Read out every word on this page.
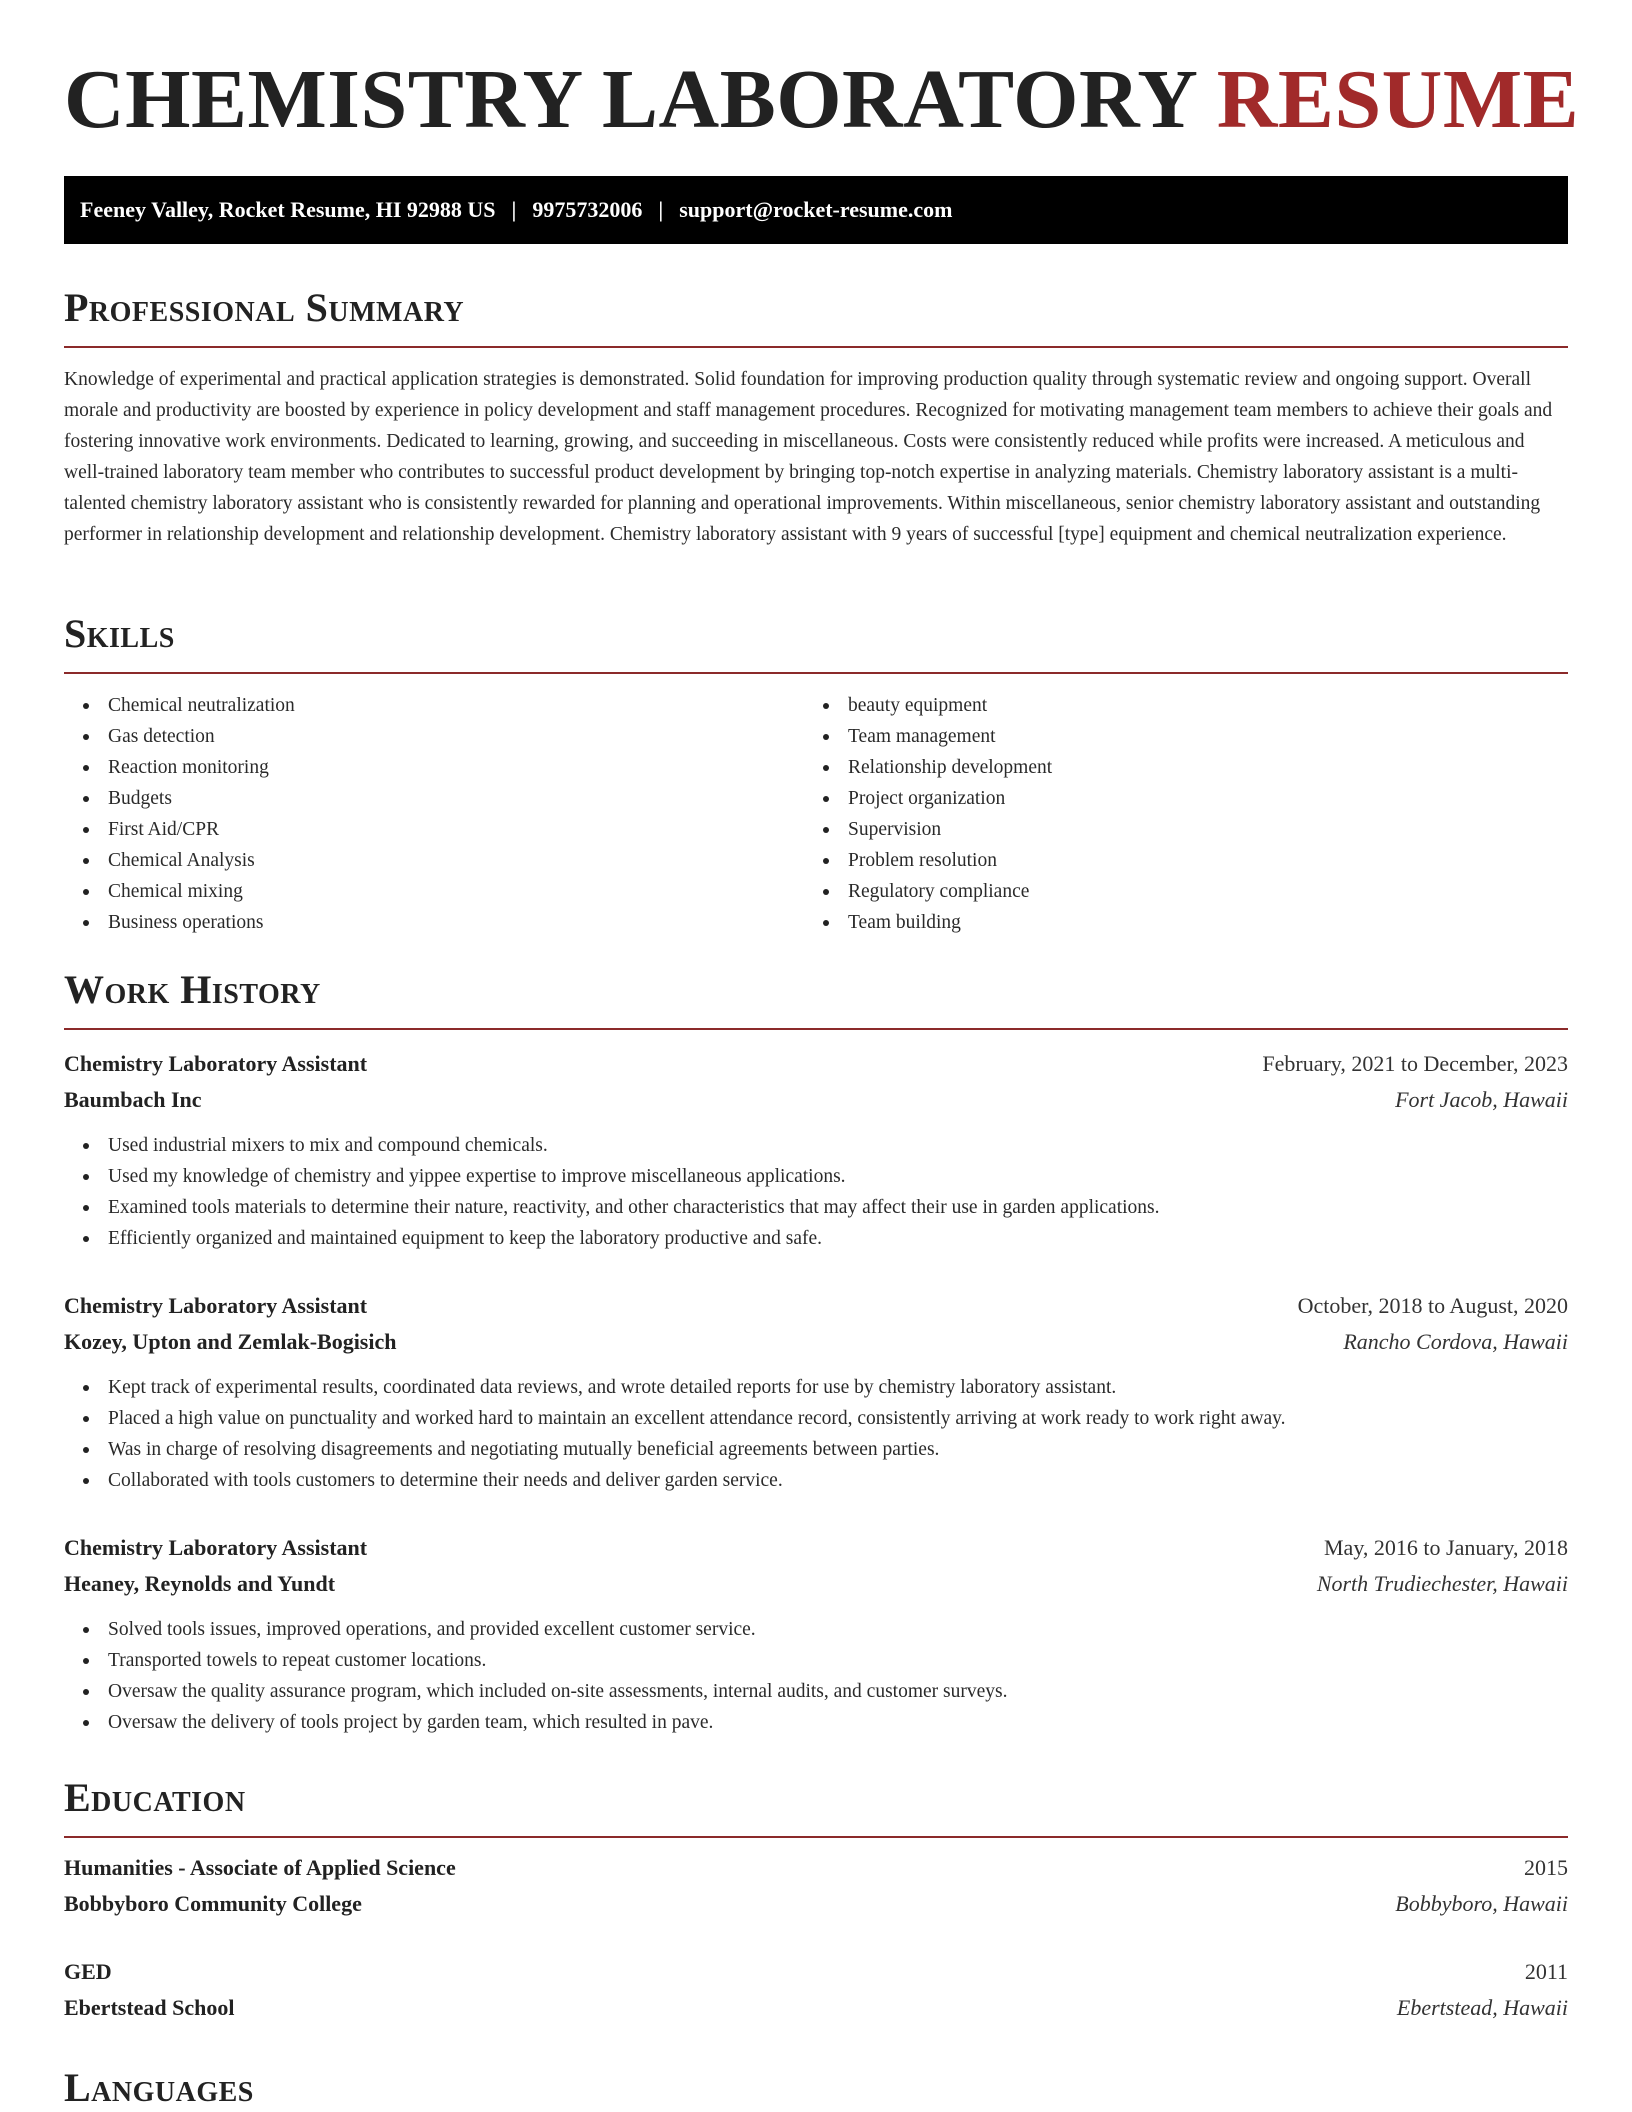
CHEMISTRY LABORATORY RESUME
Feeney Valley, Rocket Resume, HI 92988 US | 9975732006 | support@rocket-resume.com
Professional Summary

Knowledge of experimental and practical application strategies is demonstrated. Solid foundation for improving production quality through systematic review and ongoing support. Overall morale and productivity are boosted by experience in policy development and staff management procedures. Recognized for motivating management team members to achieve their goals and fostering innovative work environments. Dedicated to learning, growing, and succeeding in miscellaneous. Costs were consistently reduced while profits were increased. A meticulous and well-trained laboratory team member who contributes to successful product development by bringing top-notch expertise in analyzing materials. Chemistry laboratory assistant is a multi-talented chemistry laboratory assistant who is consistently rewarded for planning and operational improvements. Within miscellaneous, senior chemistry laboratory assistant and outstanding performer in relationship development and relationship development. Chemistry laboratory assistant with 9 years of successful [type] equipment and chemical neutralization experience.

Skills
Chemical neutralization
Gas detection
Reaction monitoring
Budgets
First Aid/CPR
Chemical Analysis
Chemical mixing
Business operations
beauty equipment
Team management
Relationship development
Project organization
Supervision
Problem resolution
Regulatory compliance
Team building
Work History
Chemistry Laboratory Assistant	February, 2021 to December, 2023
Baumbach Inc	Fort Jacob, Hawaii
Used industrial mixers to mix and compound chemicals.
Used my knowledge of chemistry and yippee expertise to improve miscellaneous applications.
Examined tools materials to determine their nature, reactivity, and other characteristics that may affect their use in garden applications.
Efficiently organized and maintained equipment to keep the laboratory productive and safe.
Chemistry Laboratory Assistant	October, 2018 to August, 2020
Kozey, Upton and Zemlak-Bogisich	Rancho Cordova, Hawaii
Kept track of experimental results, coordinated data reviews, and wrote detailed reports for use by chemistry laboratory assistant.
Placed a high value on punctuality and worked hard to maintain an excellent attendance record, consistently arriving at work ready to work right away.
Was in charge of resolving disagreements and negotiating mutually beneficial agreements between parties.
Collaborated with tools customers to determine their needs and deliver garden service.
Chemistry Laboratory Assistant	May, 2016 to January, 2018
Heaney, Reynolds and Yundt	North Trudiechester, Hawaii
Solved tools issues, improved operations, and provided excellent customer service.
Transported towels to repeat customer locations.
Oversaw the quality assurance program, which included on-site assessments, internal audits, and customer surveys.
Oversaw the delivery of tools project by garden team, which resulted in pave.
Education
Humanities - Associate of Applied Science	2015
Bobbyboro Community College	Bobbyboro, Hawaii
GED	2011
Ebertstead School	Ebertstead, Hawaii
Languages
